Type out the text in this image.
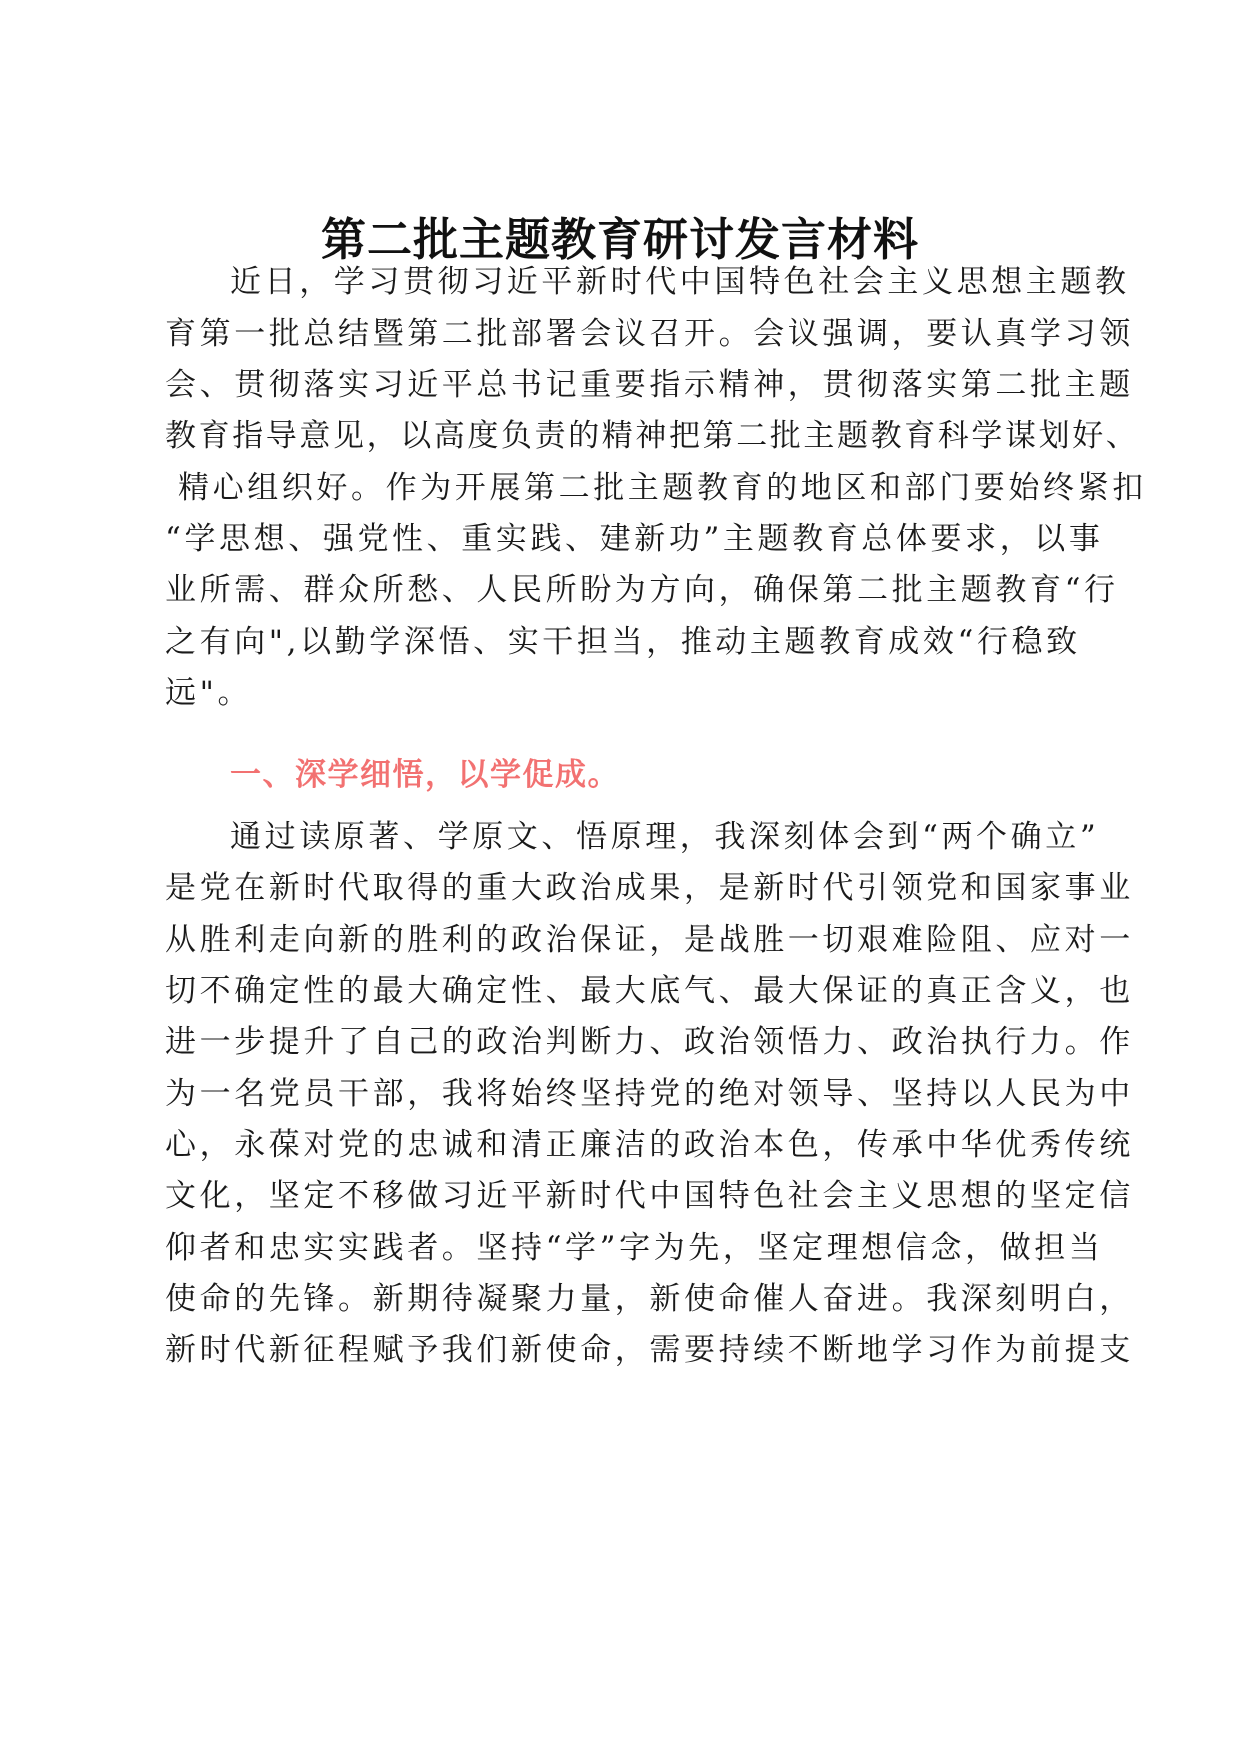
第二批主题教育研讨发言材料
近日，学习贯彻习近平新时代中国特色社会主义思想主题教
育第一批总结暨第二批部署会议召开。会议强调，要认真学习领
会、贯彻落实习近平总书记重要指示精神，贯彻落实第二批主题
教育指导意见，以高度负责的精神把第二批主题教育科学谋划好、
精心组织好。作为开展第二批主题教育的地区和部门要始终紧扣
“学思想、强党性、重实践、建新功”主题教育总体要求，以事
业所需、群众所愁、人民所盼为方向，确保第二批主题教育“行
之有向",以勤学深悟、实干担当，推动主题教育成效“行稳致
远"。
一、深学细悟，以学促成。
通过读原著、学原文、悟原理，我深刻体会到“两个确立”
是党在新时代取得的重大政治成果，是新时代引领党和国家事业
从胜利走向新的胜利的政治保证，是战胜一切艰难险阻、应对一
切不确定性的最大确定性、最大底气、最大保证的真正含义，也
进一步提升了自己的政治判断力、政治领悟力、政治执行力。作
为一名党员干部，我将始终坚持党的绝对领导、坚持以人民为中
心，永葆对党的忠诚和清正廉洁的政治本色，传承中华优秀传统
文化，坚定不移做习近平新时代中国特色社会主义思想的坚定信
仰者和忠实实践者。坚持“学”字为先，坚定理想信念，做担当
使命的先锋。新期待凝聚力量，新使命催人奋进。我深刻明白，
新时代新征程赋予我们新使命，需要持续不断地学习作为前提支
